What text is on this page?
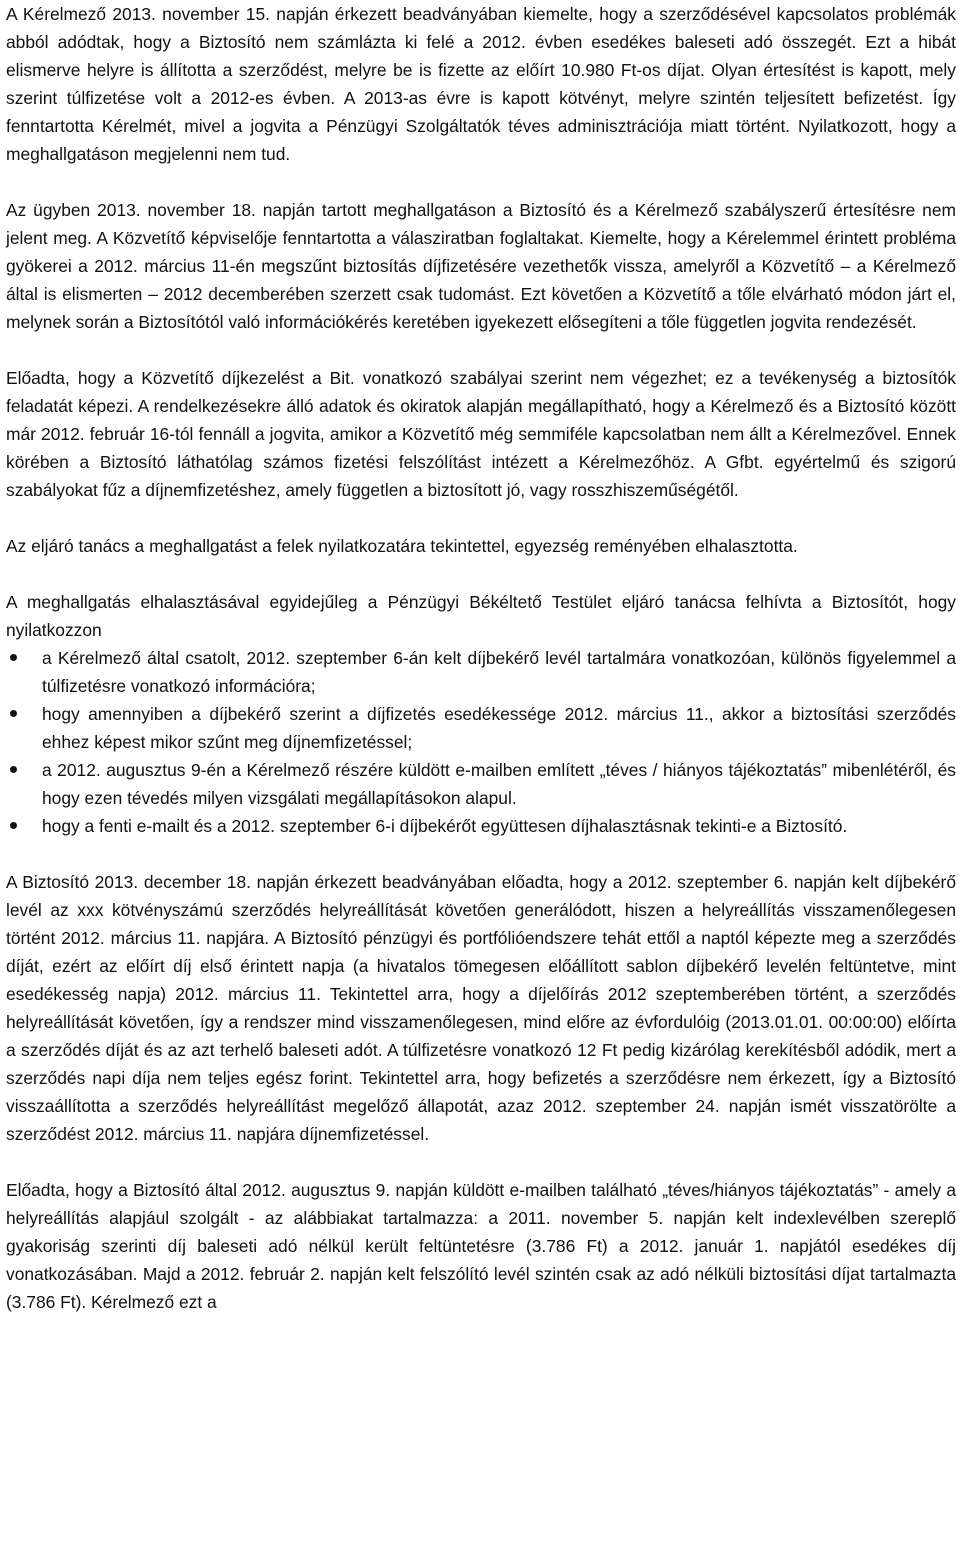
A Kérelmező 2013. november 15. napján érkezett beadványában kiemelte, hogy a szerződésével kapcsolatos problémák abból adódtak, hogy a Biztosító nem számlázta ki felé a 2012. évben esedékes baleseti adó összegét. Ezt a hibát elismerve helyre is állította a szerződést, melyre be is fizette az előírt 10.980 Ft-os díjat. Olyan értesítést is kapott, mely szerint túlfizetése volt a 2012-es évben. A 2013-as évre is kapott kötvényt, melyre szintén teljesített befizetést. Így fenntartotta Kérelmét, mivel a jogvita a Pénzügyi Szolgáltatók téves adminisztrációja miatt történt. Nyilatkozott, hogy a meghallgatáson megjelenni nem tud.

Az ügyben 2013. november 18. napján tartott meghallgatáson a Biztosító és a Kérelmező szabályszerű értesítésre nem jelent meg. A Közvetítő képviselője fenntartotta a válasziratban foglaltakat. Kiemelte, hogy a Kérelemmel érintett probléma gyökerei a 2012. március 11-én megszűnt biztosítás díjfizetésére vezethetők vissza, amelyről a Közvetítő – a Kérelmező által is elismerten – 2012 decemberében szerzett csak tudomást. Ezt követően a Közvetítő a tőle elvárható módon járt el, melynek során a Biztosítótól való információkérés keretében igyekezett elősegíteni a tőle független jogvita rendezését.

Előadta, hogy a Közvetítő díjkezelést a Bit. vonatkozó szabályai szerint nem végezhet; ez a tevékenység a biztosítók feladatát képezi. A rendelkezésekre álló adatok és okiratok alapján megállapítható, hogy a Kérelmező és a Biztosító között már 2012. február 16-tól fennáll a jogvita, amikor a Közvetítő még semmiféle kapcsolatban nem állt a Kérelmezővel. Ennek körében a Biztosító láthatólag számos fizetési felszólítást intézett a Kérelmezőhöz. A Gfbt. egyértelmű és szigorú szabályokat fűz a díjnemfizetéshez, amely független a biztosított jó, vagy rosszhiszeműségétől.

Az eljáró tanács a meghallgatást a felek nyilatkozatára tekintettel, egyezség reményében elhalasztotta.

A meghallgatás elhalasztásával egyidejűleg a Pénzügyi Békéltető Testület eljáró tanácsa felhívta a Biztosítót, hogy nyilatkozzon

a Kérelmező által csatolt, 2012. szeptember 6-án kelt díjbekérő levél tartalmára vonatkozóan, különös figyelemmel a túlfizetésre vonatkozó információra;
hogy amennyiben a díjbekérő szerint a díjfizetés esedékessége 2012. március 11., akkor a biztosítási szerződés ehhez képest mikor szűnt meg díjnemfizetéssel;
a 2012. augusztus 9-én a Kérelmező részére küldött e-mailben említett „téves / hiányos tájékoztatás” mibenlétéről, és hogy ezen tévedés milyen vizsgálati megállapításokon alapul.
hogy a fenti e-mailt és a 2012. szeptember 6-i díjbekérőt együttesen díjhalasztásnak tekinti-e a Biztosító.

A Biztosító 2013. december 18. napján érkezett beadványában előadta, hogy a 2012. szeptember 6. napján kelt díjbekérő levél az xxx kötvényszámú szerződés helyreállítását követően generálódott, hiszen a helyreállítás visszamenőlegesen történt 2012. március 11. napjára. A Biztosító pénzügyi és portfólióendszere tehát ettől a naptól képezte meg a szerződés díját, ezért az előírt díj első érintett napja (a hivatalos tömegesen előállított sablon díjbekérő levelén feltüntetve, mint esedékesség napja) 2012. március 11. Tekintettel arra, hogy a díjelőírás 2012 szeptemberében történt, a szerződés helyreállítását követően, így a rendszer mind visszamenőlegesen, mind előre az évfordulóig (2013.01.01. 00:00:00) előírta a szerződés díját és az azt terhelő baleseti adót. A túlfizetésre vonatkozó 12 Ft pedig kizárólag kerekítésből adódik, mert a szerződés napi díja nem teljes egész forint. Tekintettel arra, hogy befizetés a szerződésre nem érkezett, így a Biztosító visszaállította a szerződés helyreállítást megelőző állapotát, azaz 2012. szeptember 24. napján ismét visszatörölte a szerződést 2012. március 11. napjára díjnemfizetéssel.

Előadta, hogy a Biztosító által 2012. augusztus 9. napján küldött e-mailben található „téves/hiányos tájékoztatás” - amely a helyreállítás alapjául szolgált - az alábbiakat tartalmazza: a 2011. november 5. napján kelt indexlevélben szereplő gyakoriság szerinti díj baleseti adó nélkül került feltüntetésre (3.786 Ft) a 2012. január 1. napjától esedékes díj vonatkozásában. Majd a 2012. február 2. napján kelt felszólító levél szintén csak az adó nélküli biztosítási díjat tartalmazta (3.786 Ft). Kérelmező ezt a
